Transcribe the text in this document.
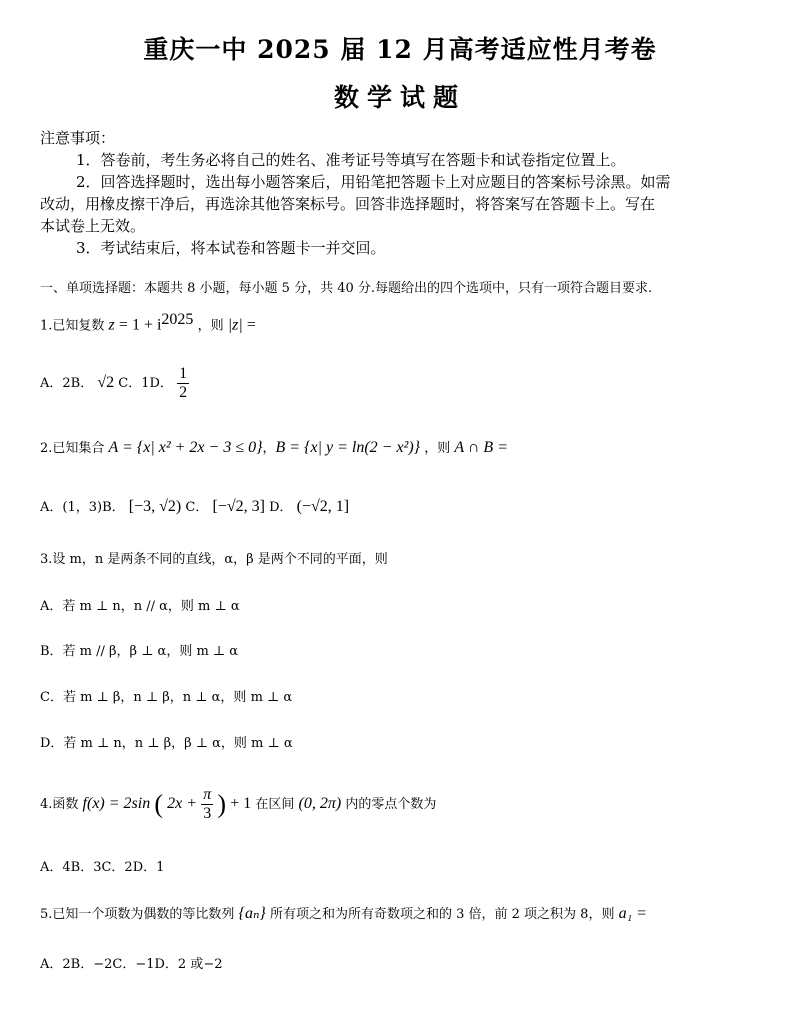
重庆一中 2025 届 12 月高考适应性月考卷
数学试题
注意事项：
1．答卷前，考生务必将自己的姓名、准考证号等填写在答题卡和试卷指定位置上。
2．回答选择题时，选出每小题答案后，用铅笔把答题卡上对应题目的答案标号涂黑。如需
改动，用橡皮擦干净后，再选涂其他答案标号。回答非选择题时，将答案写在答题卡上。写在
本试卷上无效。
3．考试结束后，将本试卷和答题卡一并交回。
一、单项选择题：本题共 8 小题，每小题 5 分，共 40 分.每题给出的四个选项中，只有一项符合题目要求.
1.已知复数 $z = 1 + i^{2025}$ ，则 |z| =
A．2B． √2 C．1D． $\frac{1}{2}$
2.已知集合 A = {x| x² + 2x − 3 ≤ 0}，B = {x| y = ln(2 − x²)} ，则 A ∩ B =
A．(1，3)B． [−3, √2) C． [−√2, 3] D． (−√2, 1]
3.设 m，n 是两条不同的直线，α，β 是两个不同的平面，则
A．若 m ⊥ n，n // α，则 m ⊥ α
B．若 m // β，β ⊥ α，则 m ⊥ α
C．若 m ⊥ β，n ⊥ β，n ⊥ α，则 m ⊥ α
D．若 m ⊥ n，n ⊥ β，β ⊥ α，则 m ⊥ α
4.函数 f(x) = 2sin ( $2x + \frac{\pi}{3}$ ) + 1 在区间 (0, 2π) 内的零点个数为
A．4B．3C．2D．1
5.已知一个项数为偶数的等比数列 {aₙ} 所有项之和为所有奇数项之和的 3 倍，前 2 项之积为 8，则 a₁ =
A．2B．−2C．−1D．2 或−2
